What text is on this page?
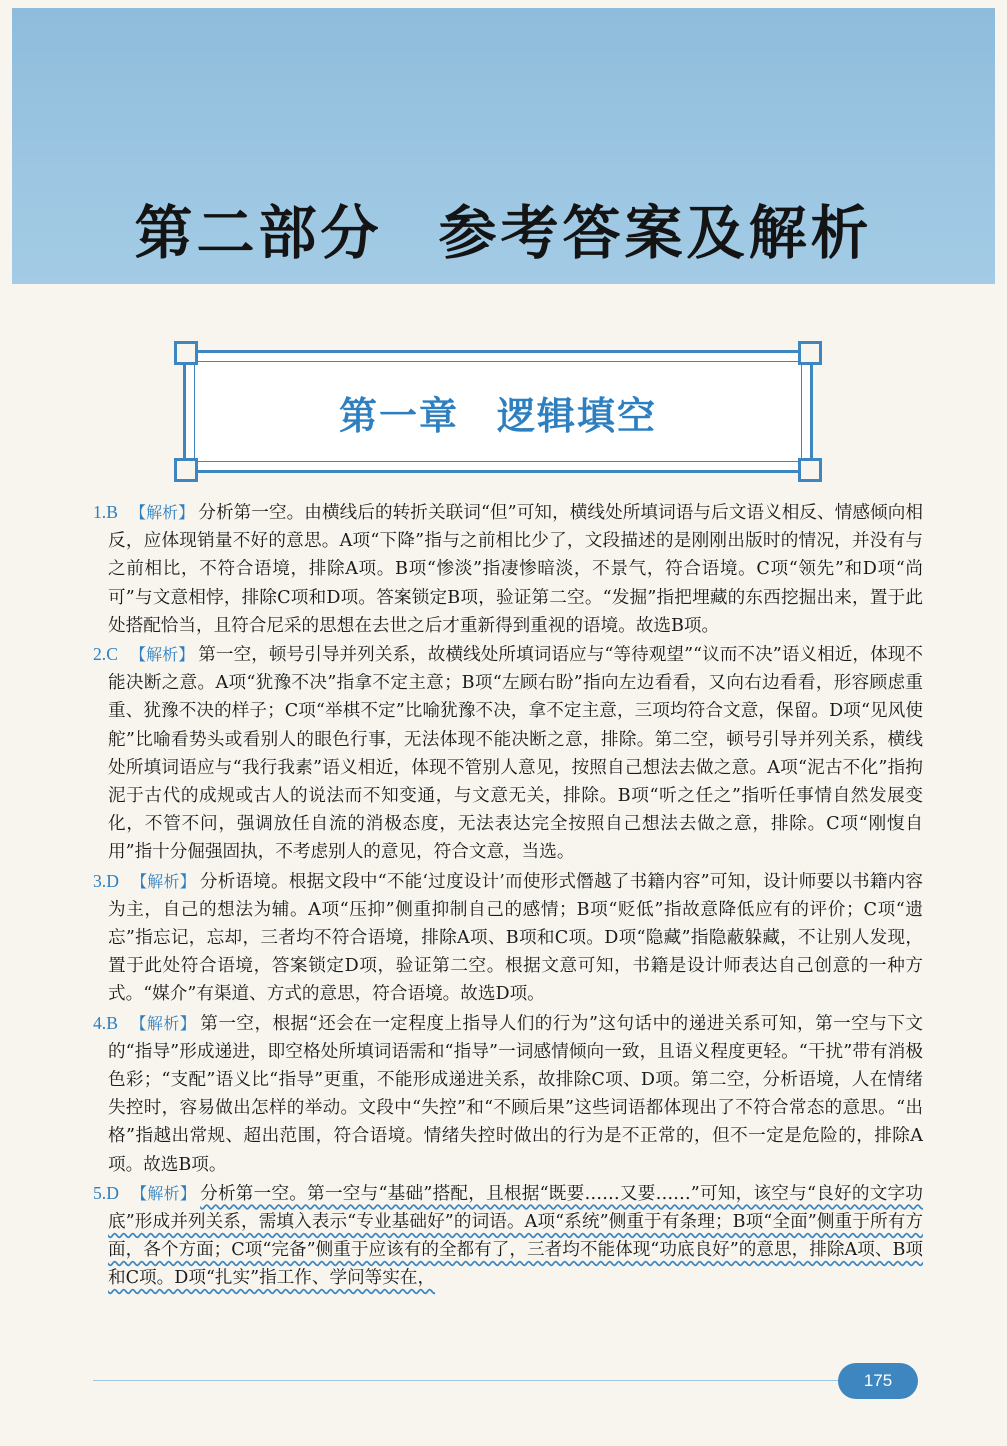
第二部分 参考答案及解析
第一章 逻辑填空

1.B 【解析】 分析第一空。由横线后的转折关联词“但”可知，横线处所填词语与后文语义相反、情感倾向相反，应体现销量不好的意思。A项“下降”指与之前相比少了，文段描述的是刚刚出版时的情况，并没有与之前相比，不符合语境，排除A项。B项“惨淡”指凄惨暗淡，不景气，符合语境。C项“领先”和D项“尚可”与文意相悖，排除C项和D项。答案锁定B项，验证第二空。“发掘”指把埋藏的东西挖掘出来，置于此处搭配恰当，且符合尼采的思想在去世之后才重新得到重视的语境。故选B项。

2.C 【解析】 第一空，顿号引导并列关系，故横线处所填词语应与“等待观望”“议而不决”语义相近，体现不能决断之意。A项“犹豫不决”指拿不定主意；B项“左顾右盼”指向左边看看，又向右边看看，形容顾虑重重、犹豫不决的样子；C项“举棋不定”比喻犹豫不决，拿不定主意，三项均符合文意，保留。D项“见风使舵”比喻看势头或看别人的眼色行事，无法体现不能决断之意，排除。第二空，顿号引导并列关系，横线处所填词语应与“我行我素”语义相近，体现不管别人意见，按照自己想法去做之意。A项“泥古不化”指拘泥于古代的成规或古人的说法而不知变通，与文意无关，排除。B项“听之任之”指听任事情自然发展变化，不管不问，强调放任自流的消极态度，无法表达完全按照自己想法去做之意，排除。C项“刚愎自用”指十分倔强固执，不考虑别人的意见，符合文意，当选。

3.D 【解析】 分析语境。根据文段中“不能‘过度设计’而使形式僭越了书籍内容”可知，设计师要以书籍内容为主，自己的想法为辅。A项“压抑”侧重抑制自己的感情；B项“贬低”指故意降低应有的评价；C项“遗忘”指忘记，忘却，三者均不符合语境，排除A项、B项和C项。D项“隐藏”指隐蔽躲藏，不让别人发现，置于此处符合语境，答案锁定D项，验证第二空。根据文意可知，书籍是设计师表达自己创意的一种方式。“媒介”有渠道、方式的意思，符合语境。故选D项。

4.B 【解析】 第一空，根据“还会在一定程度上指导人们的行为”这句话中的递进关系可知，第一空与下文的“指导”形成递进，即空格处所填词语需和“指导”一词感情倾向一致，且语义程度更轻。“干扰”带有消极色彩；“支配”语义比“指导”更重，不能形成递进关系，故排除C项、D项。第二空，分析语境，人在情绪失控时，容易做出怎样的举动。文段中“失控”和“不顾后果”这些词语都体现出了不符合常态的意思。“出格”指越出常规、超出范围，符合语境。情绪失控时做出的行为是不正常的，但不一定是危险的，排除A项。故选B项。

5.D 【解析】 分析第一空。第一空与“基础”搭配，且根据“既要……又要……”可知，该空与“良好的文字功底”形成并列关系，需填入表示“专业基础好”的词语。A项“系统”侧重于有条理；B项“全面”侧重于所有方面，各个方面；C项“完备”侧重于应该有的全都有了，三者均不能体现“功底良好”的意思，排除A项、B项和C项。D项“扎实”指工作、学问等实在，

175
